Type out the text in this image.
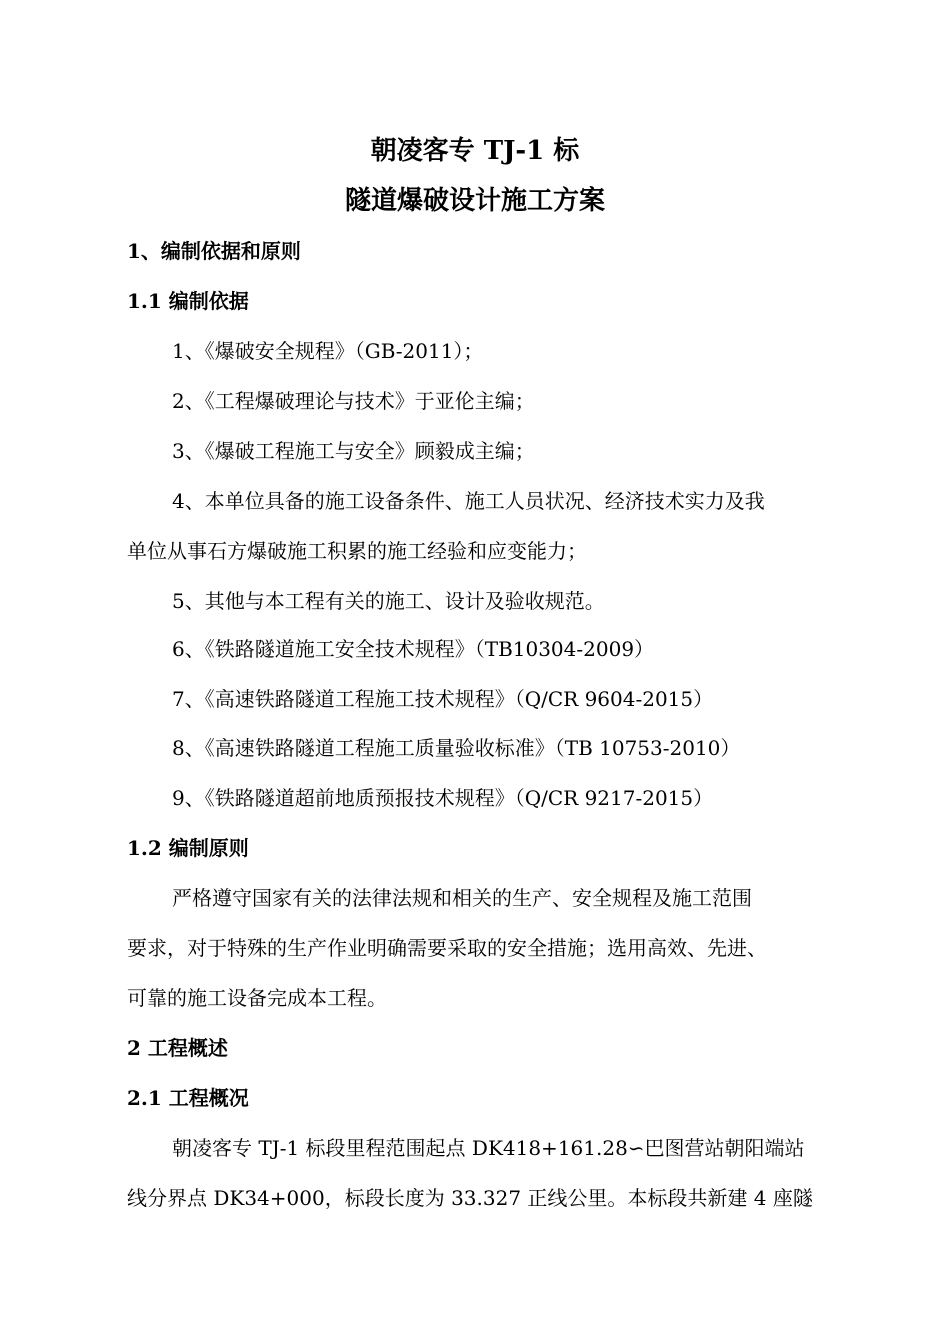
朝凌客专 TJ-1 标
隧道爆破设计施工方案
1、编制依据和原则
1.1 编制依据
1、《爆破安全规程》（GB-2011）；
2、《工程爆破理论与技术》于亚伦主编；
3、《爆破工程施工与安全》顾毅成主编；
4、本单位具备的施工设备条件、施工人员状况、经济技术实力及我
单位从事石方爆破施工积累的施工经验和应变能力；
5、其他与本工程有关的施工、设计及验收规范。
6、《铁路隧道施工安全技术规程》（TB10304-2009）
7、《高速铁路隧道工程施工技术规程》（Q/CR 9604-2015）
8、《高速铁路隧道工程施工质量验收标准》（TB 10753-2010）
9、《铁路隧道超前地质预报技术规程》（Q/CR 9217-2015）
1.2 编制原则
严格遵守国家有关的法律法规和相关的生产、安全规程及施工范围
要求，对于特殊的生产作业明确需要采取的安全措施；选用高效、先进、
可靠的施工设备完成本工程。
2 工程概述
2.1 工程概况
朝凌客专 TJ-1 标段里程范围起点 DK418+161.28∽巴图营站朝阳端站
线分界点 DK34+000，标段长度为 33.327 正线公里。本标段共新建 4 座隧
